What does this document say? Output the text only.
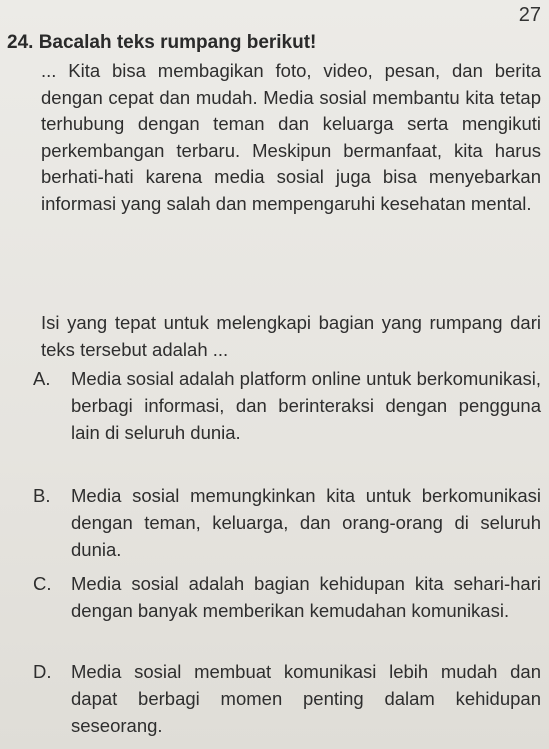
27
24. Bacalah teks rumpang berikut!
... Kita bisa membagikan foto, video, pesan, dan berita dengan cepat dan mudah. Media sosial membantu kita tetap terhubung dengan teman dan keluarga serta mengikuti perkembangan terbaru. Meskipun bermanfaat, kita harus berhati-hati karena media sosial juga bisa menyebarkan informasi yang salah dan mempengaruhi kesehatan mental.
Isi yang tepat untuk melengkapi bagian yang rumpang dari teks tersebut adalah ...
A.	Media sosial adalah platform online untuk berkomunikasi, berbagi informasi, dan berinteraksi dengan pengguna lain di seluruh dunia.
B.	Media sosial memungkinkan kita untuk berkomunikasi dengan teman, keluarga, dan orang-orang di seluruh dunia.
C.	Media sosial adalah bagian kehidupan kita sehari-hari dengan banyak memberikan kemudahan komunikasi.
D.	Media sosial membuat komunikasi lebih mudah dan dapat berbagi momen penting dalam kehidupan seseorang.
